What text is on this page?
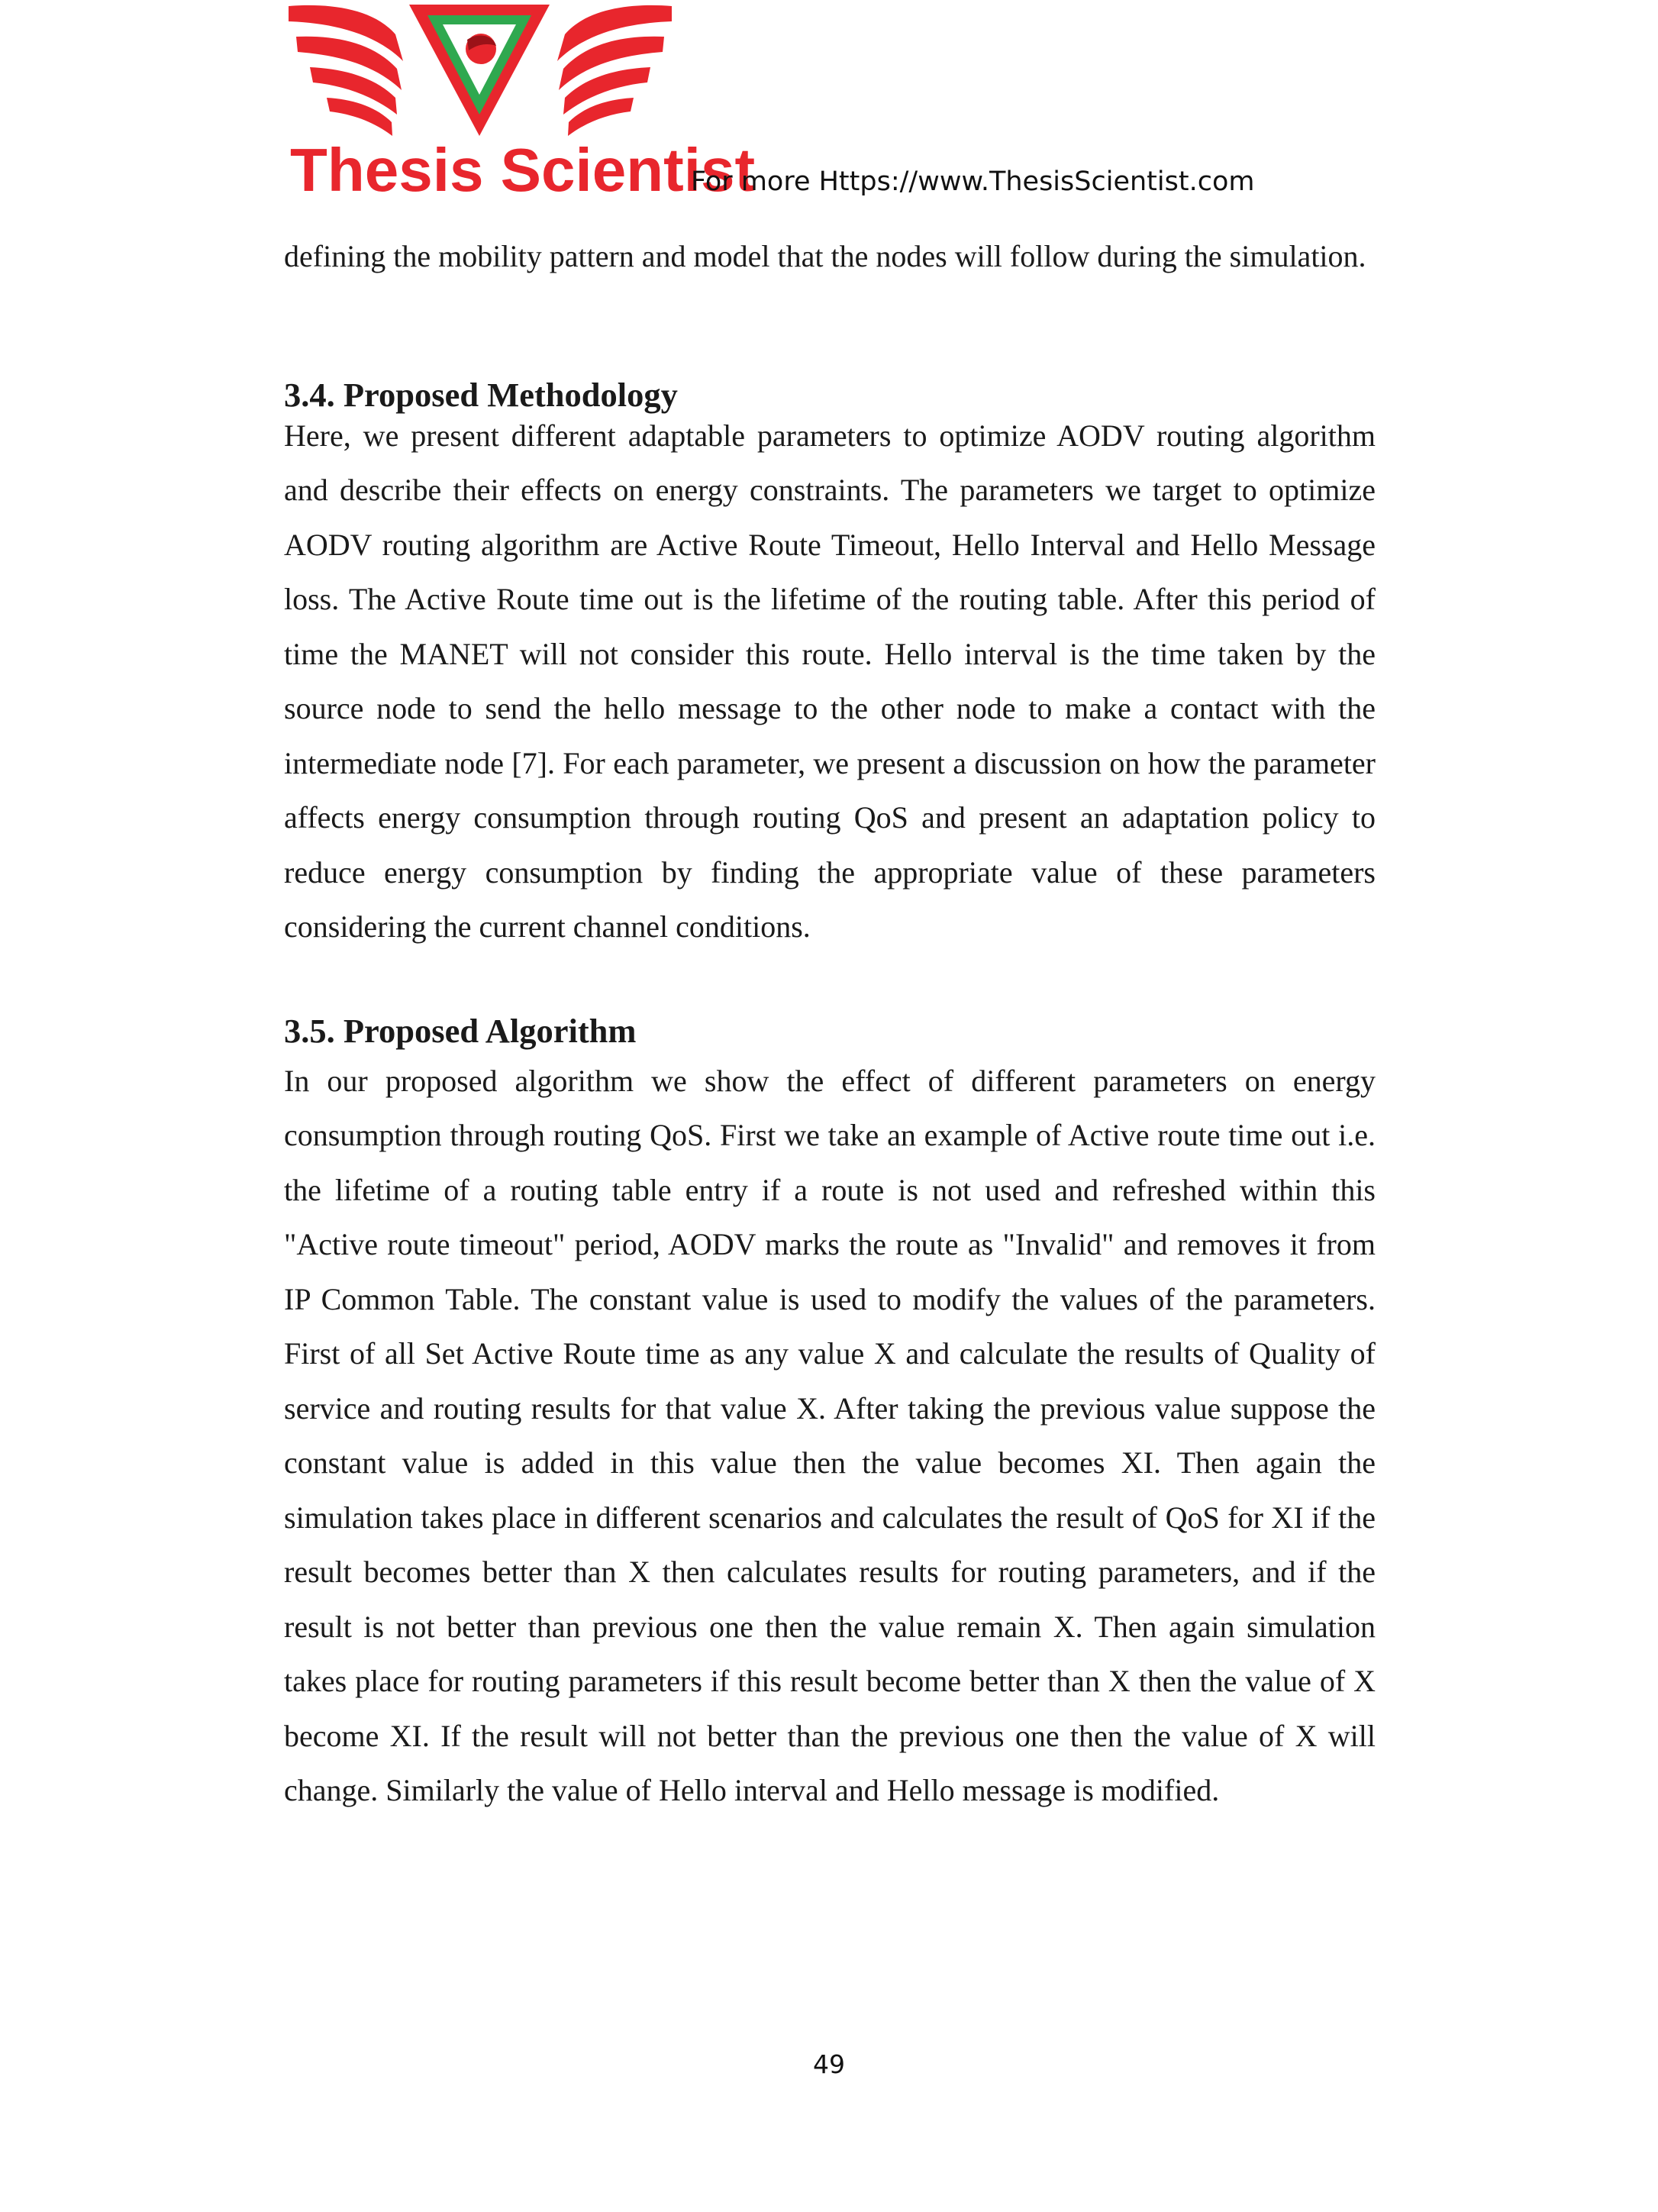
Thesis Scientist
For more Https://www.ThesisScientist.com

defining the mobility pattern and model that the nodes will follow during the simulation.

3.4. Proposed Methodology

Here, we present different adaptable parameters to optimize AODV routing algorithm and describe their effects on energy constraints. The parameters we target to optimize AODV routing algorithm are Active Route Timeout, Hello Interval and Hello Message loss. The Active Route time out is the lifetime of the routing table. After this period of time the MANET will not consider this route. Hello interval is the time taken by the source node to send the hello message to the other node to make a contact with the intermediate node [7]. For each parameter, we present a discussion on how the parameter affects energy consumption through routing QoS and present an adaptation policy to reduce energy consumption by finding the appropriate value of these parameters considering the current channel conditions.

3.5. Proposed Algorithm

In our proposed algorithm we show the effect of different parameters on energy consumption through routing QoS. First we take an example of Active route time out i.e. the lifetime of a routing table entry if a route is not used and refreshed within this "Active route timeout" period, AODV marks the route as "Invalid" and removes it from IP Common Table. The constant value is used to modify the values of the parameters. First of all Set Active Route time as any value X and calculate the results of Quality of service and routing results for that value X. After taking the previous value suppose the constant value is added in this value then the value becomes XI. Then again the simulation takes place in different scenarios and calculates the result of QoS for XI if the result becomes better than X then calculates results for routing parameters, and if the result is not better than previous one then the value remain X. Then again simulation takes place for routing parameters if this result become better than X then the value of X become XI. If the result will not better than the previous one then the value of X will change. Similarly the value of Hello interval and Hello message is modified.

49
